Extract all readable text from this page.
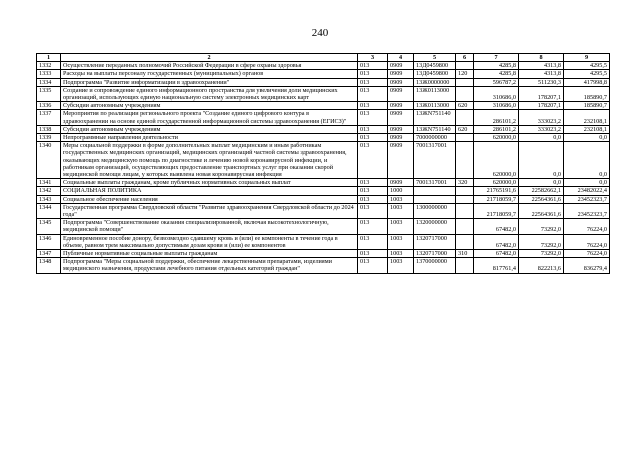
240
1	2	3	4	5	6	7	8	9
1332	Осуществление переданных полномочий Российской Федерации в сфере охраны здоровья	013	0909	13Д0459800		4285,8	4313,8	4295,5
1333	Расходы на выплаты персоналу государственных (муниципальных) органов	013	0909	13Д0459800	120	4285,8	4313,8	4295,5
1334	Подпрограмма "Развитие информатизации в здравоохранении"	013	0909	13Ж0000000		596787,2	511230,3	417998,8
1335	Создание и сопровождение единого информационного пространства для увеличения доли медицинских организаций, использующих единую национальную систему электронных медицинских карт	013	0909	13Ж0113000		310686,0	178207,1	185890,7
1336	Субсидии автономным учреждениям	013	0909	13Ж0113000	620	310686,0	178207,1	185890,7
1337	Мероприятия по реализации регионального проекта "Создание единого цифрового контура в здравоохранении на основе единой государственной информационной системы здравоохранения (ЕГИСЗ)"	013	0909	13ЖN751140		286101,2	333023,2	232108,1
1338	Субсидии автономным учреждениям	013	0909	13ЖN751140	620	286101,2	333023,2	232108,1
1339	Непрограммные направления деятельности	013	0909	7000000000		620000,0	0,0	0,0
1340	Меры социальной поддержки в форме дополнительных выплат медицинским и иным работникам государственных медицинских организаций, медицинских организаций частной системы здравоохранения, оказывающих медицинскую помощь по диагностике и лечению новой коронавирусной инфекции, и работникам организаций, осуществляющих предоставление транспортных услуг при оказании скорой медицинской помощи лицам, у которых выявлена новая коронавирусная инфекция	013	0909	7001317001		620000,0	0,0	0,0
1341	Социальные выплаты гражданам, кроме публичных нормативных социальных выплат	013	0909	7001317001	320	620000,0	0,0	0,0
1342	СОЦИАЛЬНАЯ ПОЛИТИКА	013	1000			21765191,6	22582662,1	23482022,4
1343	Социальное обеспечение населения	013	1003			21718059,7	22564361,6	23452323,7
1344	Государственная программа Свердловской области "Развитие здравоохранения Свердловской области до 2024 года"	013	1003	1300000000		21718059,7	22564361,6	23452323,7
1345	Подпрограмма "Совершенствование оказания специализированной, включая высокотехнологичную, медицинской помощи"	013	1003	1320000000		67482,0	73292,0	76224,0
1346	Единовременное пособие донору, безвозмездно сдавшему кровь и (или) ее компоненты в течение года в объеме, равном трем максимально допустимым дозам крови и (или) ее компонентов	013	1003	1320717000		67482,0	73292,0	76224,0
1347	Публичные нормативные социальные выплаты гражданам	013	1003	1320717000	310	67482,0	73292,0	76224,0
1348	Подпрограмма "Меры социальной поддержки, обеспечение лекарственными препаратами, изделиями медицинского назначения, продуктами лечебного питания отдельных категорий граждан"	013	1003	1370000000		817761,4	822213,6	836279,4
